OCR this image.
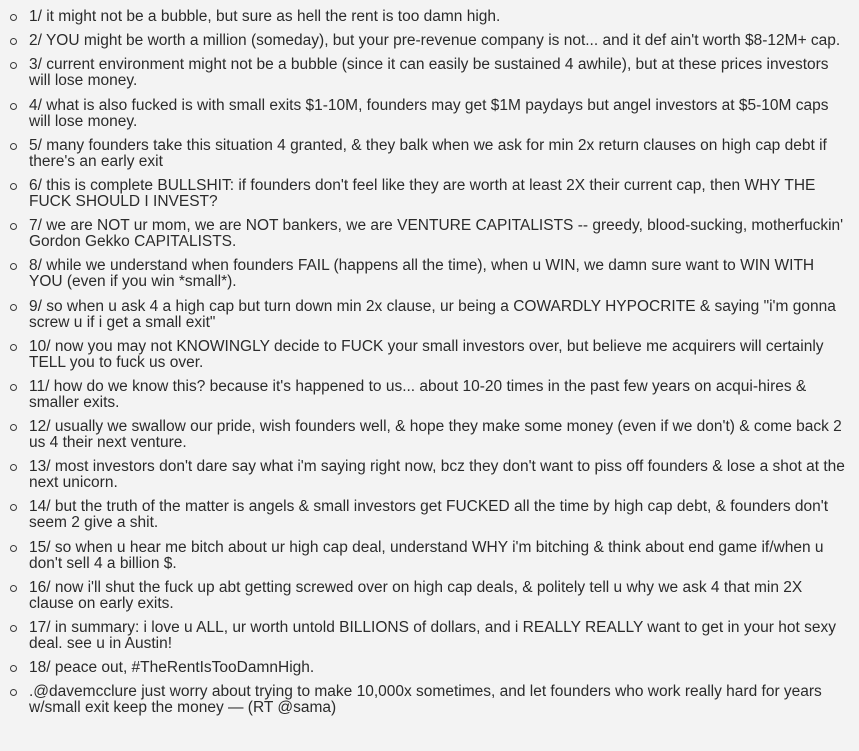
1/ it might not be a bubble, but sure as hell the rent is too damn high.
2/ YOU might be worth a million (someday), but your pre-revenue company is not... and it def ain't worth $8-12M+ cap.
3/ current environment might not be a bubble (since it can easily be sustained 4 awhile), but at these prices investors will lose money.
4/ what is also fucked is with small exits $1-10M, founders may get $1M paydays but angel investors at $5-10M caps will lose money.
5/ many founders take this situation 4 granted, & they balk when we ask for min 2x return clauses on high cap debt if there's an early exit
6/ this is complete BULLSHIT: if founders don't feel like they are worth at least 2X their current cap, then WHY THE FUCK SHOULD I INVEST?
7/ we are NOT ur mom, we are NOT bankers, we are VENTURE CAPITALISTS -- greedy, blood-sucking, motherfuckin' Gordon Gekko CAPITALISTS.
8/ while we understand when founders FAIL (happens all the time), when u WIN, we damn sure want to WIN WITH YOU (even if you win *small*).
9/ so when u ask 4 a high cap but turn down min 2x clause, ur being a COWARDLY HYPOCRITE & saying "i'm gonna screw u if i get a small exit"
10/ now you may not KNOWINGLY decide to FUCK your small investors over, but believe me acquirers will certainly TELL you to fuck us over.
11/ how do we know this? because it's happened to us... about 10-20 times in the past few years on acqui-hires & smaller exits.
12/ usually we swallow our pride, wish founders well, & hope they make some money (even if we don't) & come back 2 us 4 their next venture.
13/ most investors don't dare say what i'm saying right now, bcz they don't want to piss off founders & lose a shot at the next unicorn.
14/ but the truth of the matter is angels & small investors get FUCKED all the time by high cap debt, & founders don't seem 2 give a shit.
15/ so when u hear me bitch about ur high cap deal, understand WHY i'm bitching & think about end game if/when u don't sell 4 a billion $.
16/ now i'll shut the fuck up abt getting screwed over on high cap deals, & politely tell u why we ask 4 that min 2X clause on early exits.
17/ in summary: i love u ALL, ur worth untold BILLIONS of dollars, and i REALLY REALLY want to get in your hot sexy deal. see u in Austin!
18/ peace out, #TheRentIsTooDamnHigh.
.@davemcclure just worry about trying to make 10,000x sometimes, and let founders who work really hard for years w/small exit keep the money — (RT @sama)
